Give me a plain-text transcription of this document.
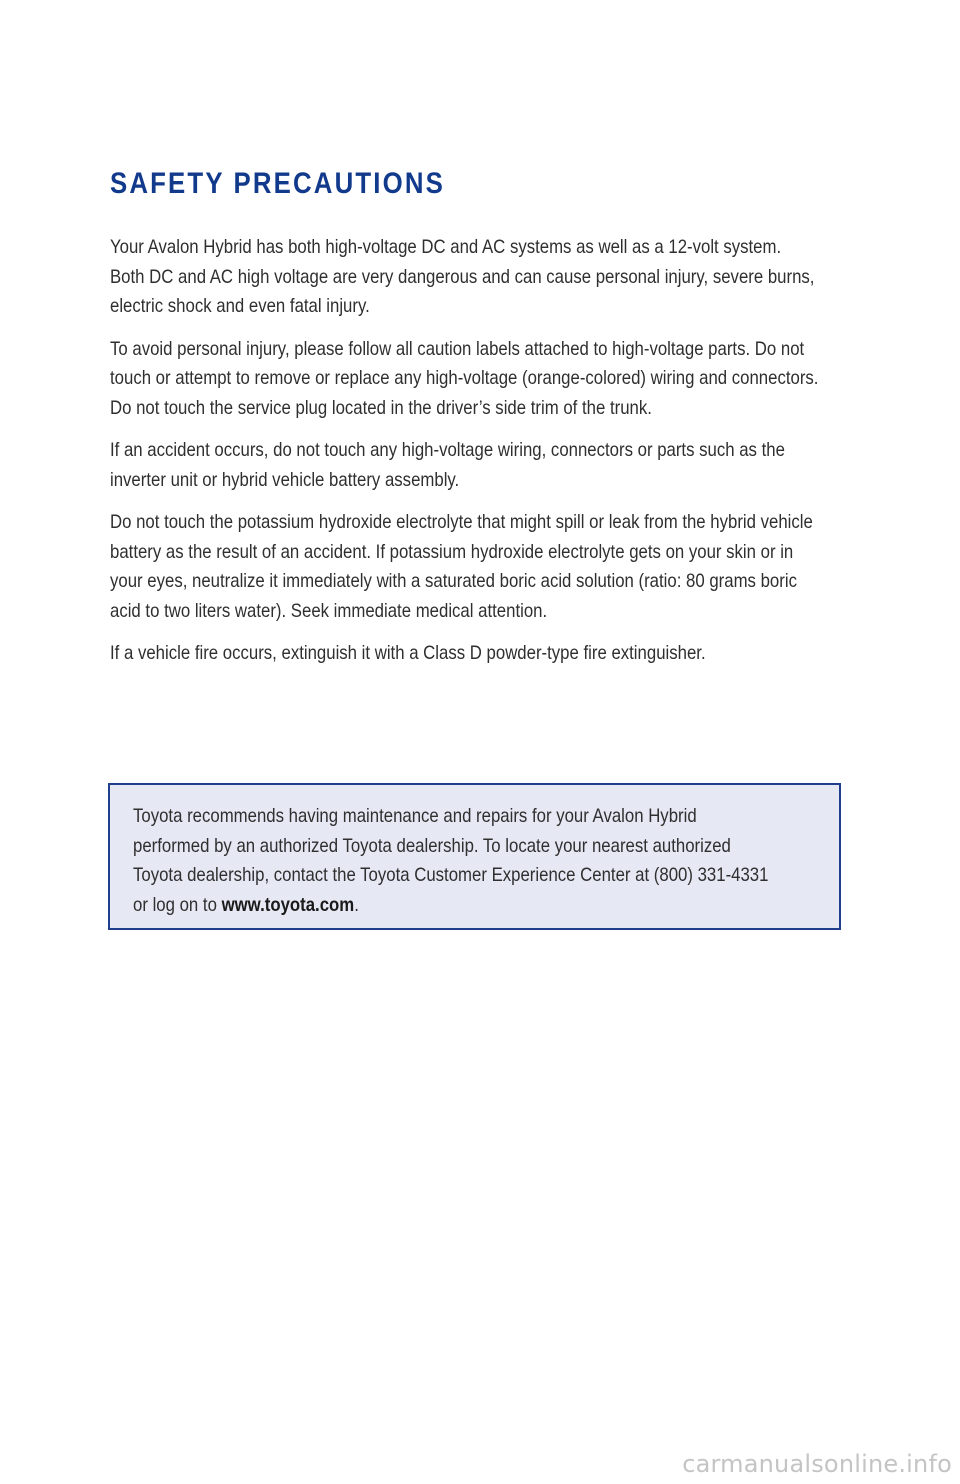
SAFETY PRECAUTIONS

Your Avalon Hybrid has both high-voltage DC and AC systems as well as a 12-volt system.
Both DC and AC high voltage are very dangerous and can cause personal injury, severe burns,
electric shock and even fatal injury.

To avoid personal injury, please follow all caution labels attached to high-voltage parts. Do not
touch or attempt to remove or replace any high-voltage (orange-colored) wiring and connectors.
Do not touch the service plug located in the driver’s side trim of the trunk.

If an accident occurs, do not touch any high-voltage wiring, connectors or parts such as the
inverter unit or hybrid vehicle battery assembly.

Do not touch the potassium hydroxide electrolyte that might spill or leak from the hybrid vehicle
battery as the result of an accident. If potassium hydroxide electrolyte gets on your skin or in
your eyes, neutralize it immediately with a saturated boric acid solution (ratio: 80 grams boric
acid to two liters water). Seek immediate medical attention.

If a vehicle fire occurs, extinguish it with a Class D powder-type fire extinguisher.

Toyota recommends having maintenance and repairs for your Avalon Hybrid
performed by an authorized Toyota dealership. To locate your nearest authorized
Toyota dealership, contact the Toyota Customer Experience Center at (800) 331-4331
or log on to www.toyota.com.
carmanualsonline.info
